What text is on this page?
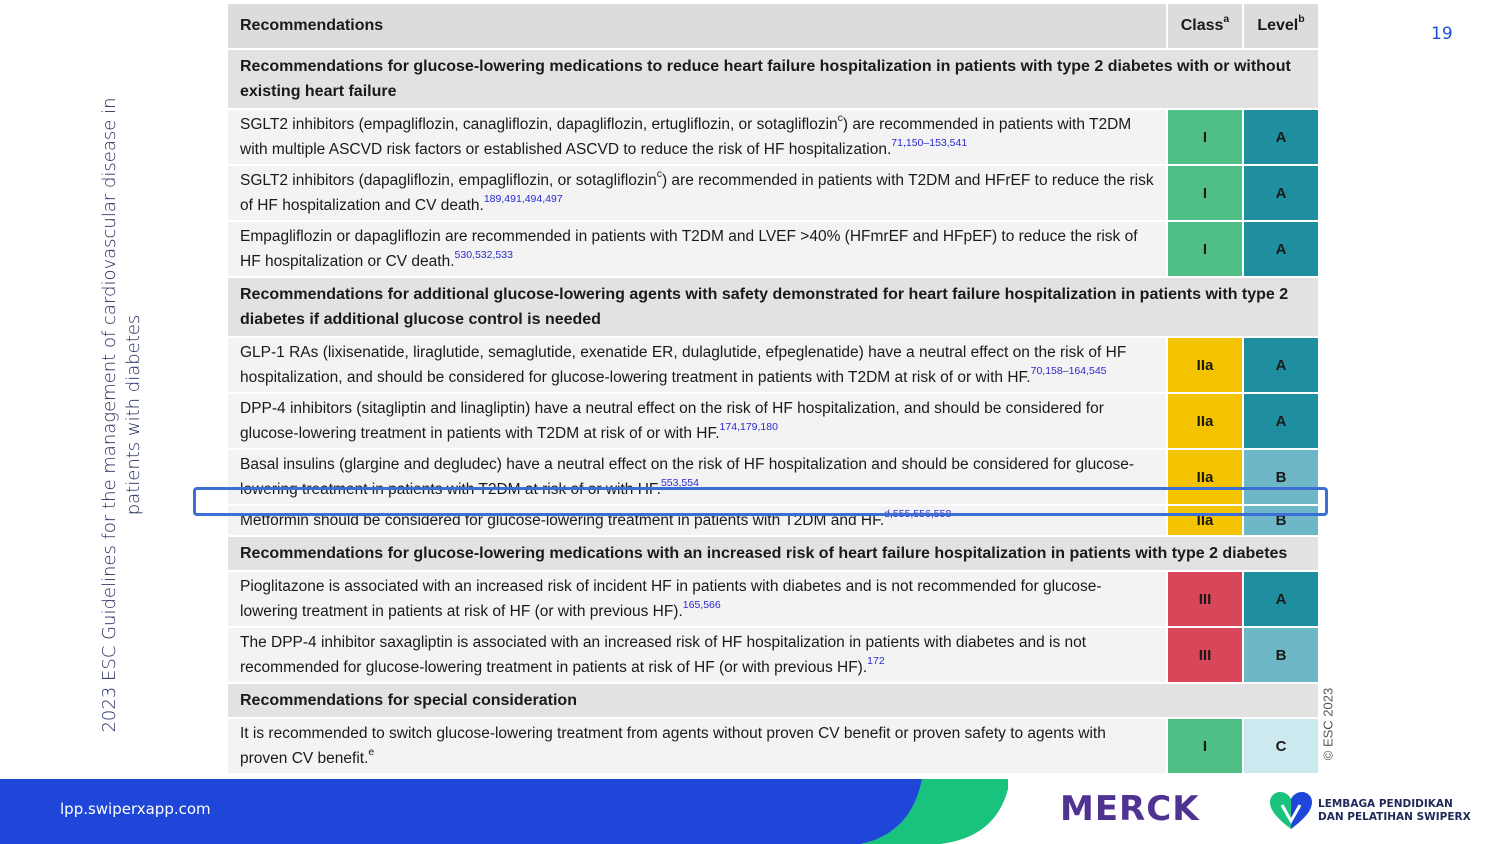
2023 ESC Guidelines for the management of cardiovascular disease in patients with diabetes
19
Recommendations	Class$^a$	Level$^b$
Recommendations for glucose-lowering medications to reduce heart failure hospitalization in patients with type 2 diabetes with or without existing heart failure		
SGLT2 inhibitors (empagliflozin, canagliflozin, dapagliflozin, ertugliflozin, or sotagliflozin$^c$) are recommended in patients with T2DM with multiple ASCVD risk factors or established ASCVD to reduce the risk of HF hospitalization.$^{71,150-153,541}$	I	A
SGLT2 inhibitors (dapagliflozin, empagliflozin, or sotagliflozin$^c$) are recommended in patients with T2DM and HFrEF to reduce the risk of HF hospitalization and CV death.$^{189,491,494,497}$	I	A
Empagliflozin or dapagliflozin are recommended in patients with T2DM and LVEF >40% (HFmrEF and HFpEF) to reduce the risk of HF hospitalization or CV death.$^{530,532,533}$	I	A
Recommendations for additional glucose-lowering agents with safety demonstrated for heart failure hospitalization in patients with type 2 diabetes if additional glucose control is needed		
GLP-1 RAs (lixisenatide, liraglutide, semaglutide, exenatide ER, dulaglutide, efpeglenatide) have a neutral effect on the risk of HF hospitalization, and should be considered for glucose-lowering treatment in patients with T2DM at risk of or with HF.$^{70,158-164,545}$	IIa	A
DPP-4 inhibitors (sitagliptin and linagliptin) have a neutral effect on the risk of HF hospitalization, and should be considered for glucose-lowering treatment in patients with T2DM at risk of or with HF.$^{174,179,180}$	IIa	A
Basal insulins (glargine and degludec) have a neutral effect on the risk of HF hospitalization and should be considered for glucose-lowering treatment in patients with T2DM at risk of or with HF.$^{553,554}$	IIa	B
Metformin should be considered for glucose-lowering treatment in patients with T2DM and HF.$^{d,555,556,558}$	IIa	B
Recommendations for glucose-lowering medications with an increased risk of heart failure hospitalization in patients with type 2 diabetes		
Pioglitazone is associated with an increased risk of incident HF in patients with diabetes and is not recommended for glucose-lowering treatment in patients at risk of HF (or with previous HF).$^{165,566}$	III	A
The DPP-4 inhibitor saxagliptin is associated with an increased risk of HF hospitalization in patients with diabetes and is not recommended for glucose-lowering treatment in patients at risk of HF (or with previous HF).$^{172}$	III	B
Recommendations for special consideration		
It is recommended to switch glucose-lowering treatment from agents without proven CV benefit or proven safety to agents with proven CV benefit.$^e$	I	C	© ESC 2023
lpp.swiperxapp.com	MERCK	LEMBAGA PENDIDIKAN
DAN PELATIHAN SWIPERX
